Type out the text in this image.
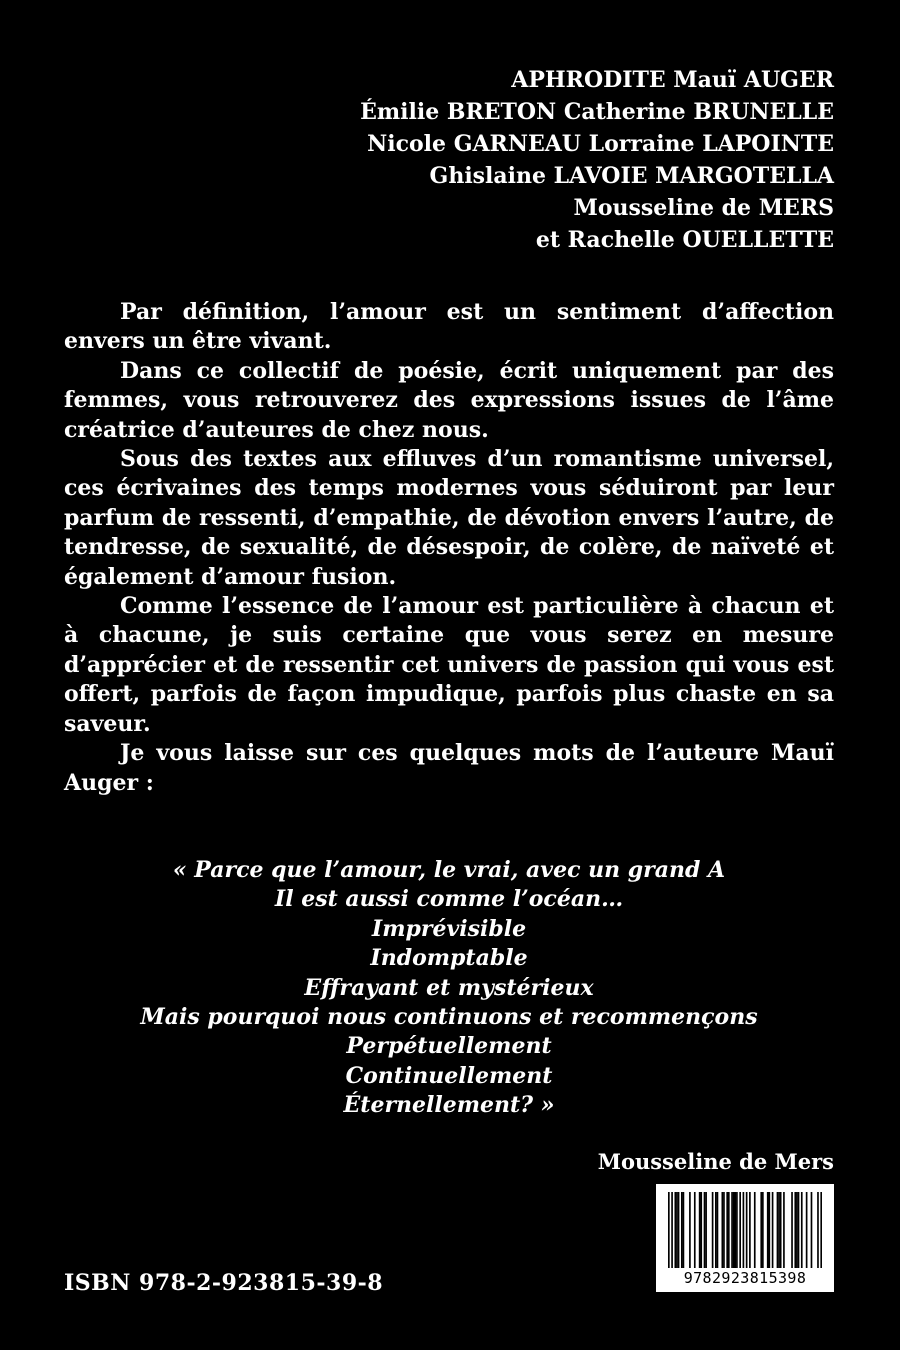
APHRODITE Mauï AUGER
Émilie BRETON Catherine BRUNELLE
Nicole GARNEAU Lorraine LAPOINTE
Ghislaine LAVOIE MARGOTELLA
Mousseline de MERS
et Rachelle OUELLETTE

Par définition, l’amour est un sentiment d’affection envers un être vivant.

Dans ce collectif de poésie, écrit uniquement par des femmes, vous retrouverez des expressions issues de l’âme créatrice d’auteures de chez nous.

Sous des textes aux effluves d’un romantisme universel, ces écrivaines des temps modernes vous séduiront par leur parfum de ressenti, d’empathie, de dévotion envers l’autre, de tendresse, de sexualité, de désespoir, de colère, de naïveté et également d’amour fusion.

Comme l’essence de l’amour est particulière à chacun et à chacune, je suis certaine que vous serez en mesure d’apprécier et de ressentir cet univers de passion qui vous est offert, parfois de façon impudique, parfois plus chaste en sa saveur.

Je vous laisse sur ces quelques mots de l’auteure Mauï Auger :

« Parce que l’amour, le vrai, avec un grand A
Il est aussi comme l’océan…
Imprévisible
Indomptable
Effrayant et mystérieux
Mais pourquoi nous continuons et recommençons
Perpétuellement
Continuellement
Éternellement? »
Mousseline de Mers
ISBN 978-2-923815-39-8	9782923815398
